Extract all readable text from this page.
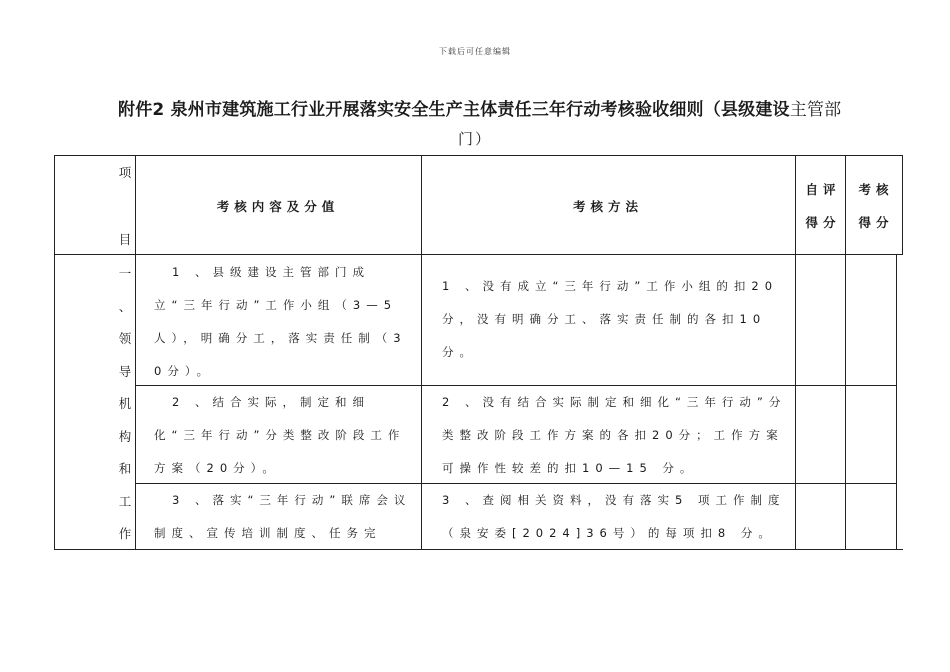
下载后可任意编辑
附件2 泉州市建筑施工行业开展落实安全生产主体责任三年行动考核验收细则（县级建设主管部
门）
项
目
考核内容及分值	考核方法
自评
得分
考核
得分
一
、
领
导
机
构
和
工
作
1 、县级建设主管部门成立“三年行动”工作小组（3—5人），明确分工，落实责任制（30分）。
1 、没有成立“三年行动”工作小组的扣20分，没有明确分工、落实责任制的各扣10分。
2 、结合实际，制定和细化“三年行动”分类整改阶段工作方案（20分）。
2 、没有结合实际制定和细化“三年行动”分类整改阶段工作方案的各扣20分；工作方案可操作性较差的扣10—15 分。
3 、落实“三年行动”联席会议制度、宣传培训制度、任务完
3 、查阅相关资料，没有落实5 项工作制度（泉安委[2024]36号）的每项扣8 分。
